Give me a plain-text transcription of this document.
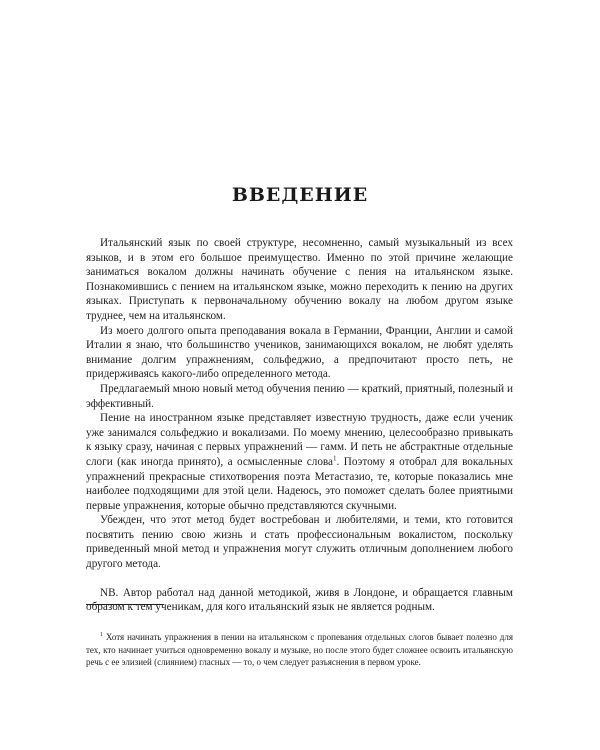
ВВЕДЕНИЕ

Итальянский язык по своей структуре, несомненно, самый музыкальный из всех языков, и в этом его большое преимущество. Именно по этой причине желающие заниматься вокалом должны начинать обучение с пения на итальянском языке. Познакомившись с пением на итальянском языке, можно переходить к пению на других языках. Приступать к первоначальному обучению вокалу на любом другом языке труднее, чем на итальянском.

Из моего долгого опыта преподавания вокала в Германии, Франции, Англии и самой Италии я знаю, что большинство учеников, занимающихся вокалом, не любят уделять внимание долгим упражнениям, сольфеджио, а предпочитают просто петь, не придерживаясь какого-либо определенного метода.

Предлагаемый мною новый метод обучения пению — краткий, приятный, полезный и эффективный.

Пение на иностранном языке представляет известную трудность, даже если ученик уже занимался сольфеджио и вокализами. По моему мнению, целесообразно привыкать к языку сразу, начиная с первых упражнений — гамм. И петь не абстрактные отдельные слоги (как иногда принято), а осмысленные слова$^1$. Поэтому я отобрал для вокальных упражнений прекрасные стихотворения поэта Метастазио, те, которые показались мне наиболее подходящими для этой цели. Надеюсь, это поможет сделать более приятными первые упражнения, которые обычно представляются скучными.

Убежден, что этот метод будет востребован и любителями, и теми, кто готовится посвятить пению свою жизнь и стать профессиональным вокалистом, поскольку приведенный мной метод и упражнения могут служить отличным дополнением любого другого метода.

NB. Автор работал над данной методикой, живя в Лондоне, и обращается главным образом к тем ученикам, для кого итальянский язык не является родным.

$^1$ Хотя начинать упражнения в пении на итальянском с пропевания отдельных слогов бывает полезно для тех, кто начинает учиться одновременно вокалу и музыке, но после этого будет сложнее освоить итальянскую речь с ее элизией (слиянием) гласных — то, о чем следует разъяснения в первом уроке.
